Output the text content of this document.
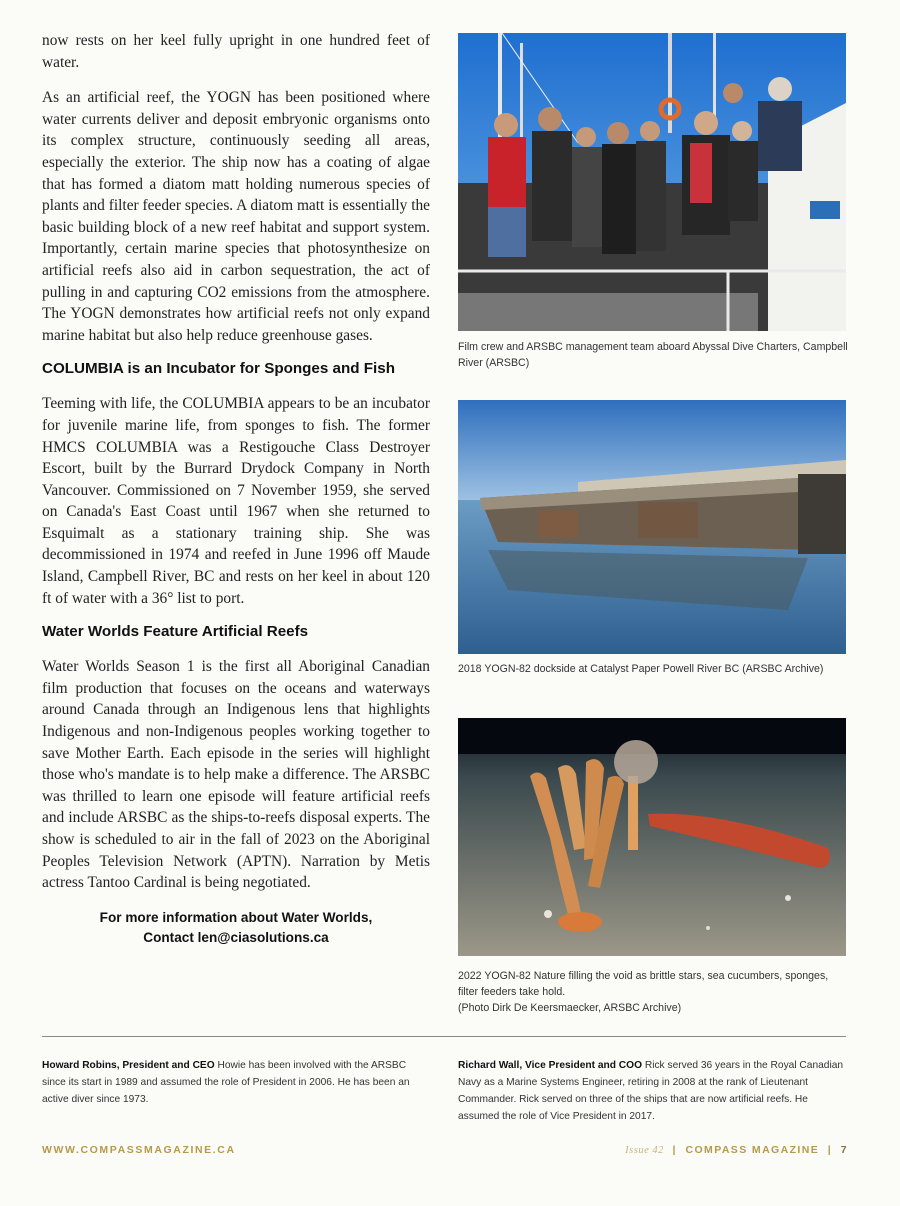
now rests on her keel fully upright in one hundred feet of water.

As an artificial reef, the YOGN has been positioned where water currents deliver and deposit embryonic organisms onto its complex structure, continuously seeding all areas, especially the exterior. The ship now has a coating of algae that has formed a diatom matt holding numerous species of plants and filter feeder species. A diatom matt is essentially the basic building block of a new reef habitat and support system. Importantly, certain marine species that photosynthesize on artificial reefs also aid in carbon sequestration, the act of pulling in and capturing CO2 emissions from the atmosphere. The YOGN demonstrates how artificial reefs not only expand marine habitat but also help reduce greenhouse gases.

COLUMBIA is an Incubator for Sponges and Fish

Teeming with life, the COLUMBIA appears to be an incubator for juvenile marine life, from sponges to fish. The former HMCS COLUMBIA was a Restigouche Class Destroyer Escort, built by the Burrard Drydock Company in North Vancouver. Commissioned on 7 November 1959, she served on Canada's East Coast until 1967 when she returned to Esquimalt as a stationary training ship. She was decommissioned in 1974 and reefed in June 1996 off Maude Island, Campbell River, BC and rests on her keel in about 120 ft of water with a 36° list to port.

Water Worlds Feature Artificial Reefs

Water Worlds Season 1 is the first all Aboriginal Canadian film production that focuses on the oceans and waterways around Canada through an Indigenous lens that highlights Indigenous and non-Indigenous peoples working together to save Mother Earth. Each episode in the series will highlight those who's mandate is to help make a difference. The ARSBC was thrilled to learn one episode will feature artificial reefs and include ARSBC as the ships-to-reefs disposal experts. The show is scheduled to air in the fall of 2023 on the Aboriginal Peoples Television Network (APTN). Narration by Metis actress Tantoo Cardinal is being negotiated.

For more information about Water Worlds,
Contact len@ciasolutions.ca
Film crew and ARSBC management team aboard Abyssal Dive Charters, Campbell River (ARSBC)
2018 YOGN-82 dockside at Catalyst Paper Powell River BC (ARSBC Archive)
2022 YOGN-82 Nature filling the void as brittle stars, sea cucumbers, sponges, filter feeders take hold.
(Photo Dirk De Keersmaecker, ARSBC Archive)
Howard Robins, President and CEO Howie has been involved with the ARSBC since its start in 1989 and assumed the role of President in 2006. He has been an active diver since 1973.
Richard Wall, Vice President and COO Rick served 36 years in the Royal Canadian Navy as a Marine Systems Engineer, retiring in 2008 at the rank of Lieutenant Commander. Rick served on three of the ships that are now artificial reefs. He assumed the role of Vice President in 2017.
WWW.COMPASSMAGAZINE.CA	Issue 42 | COMPASS MAGAZINE | 7
